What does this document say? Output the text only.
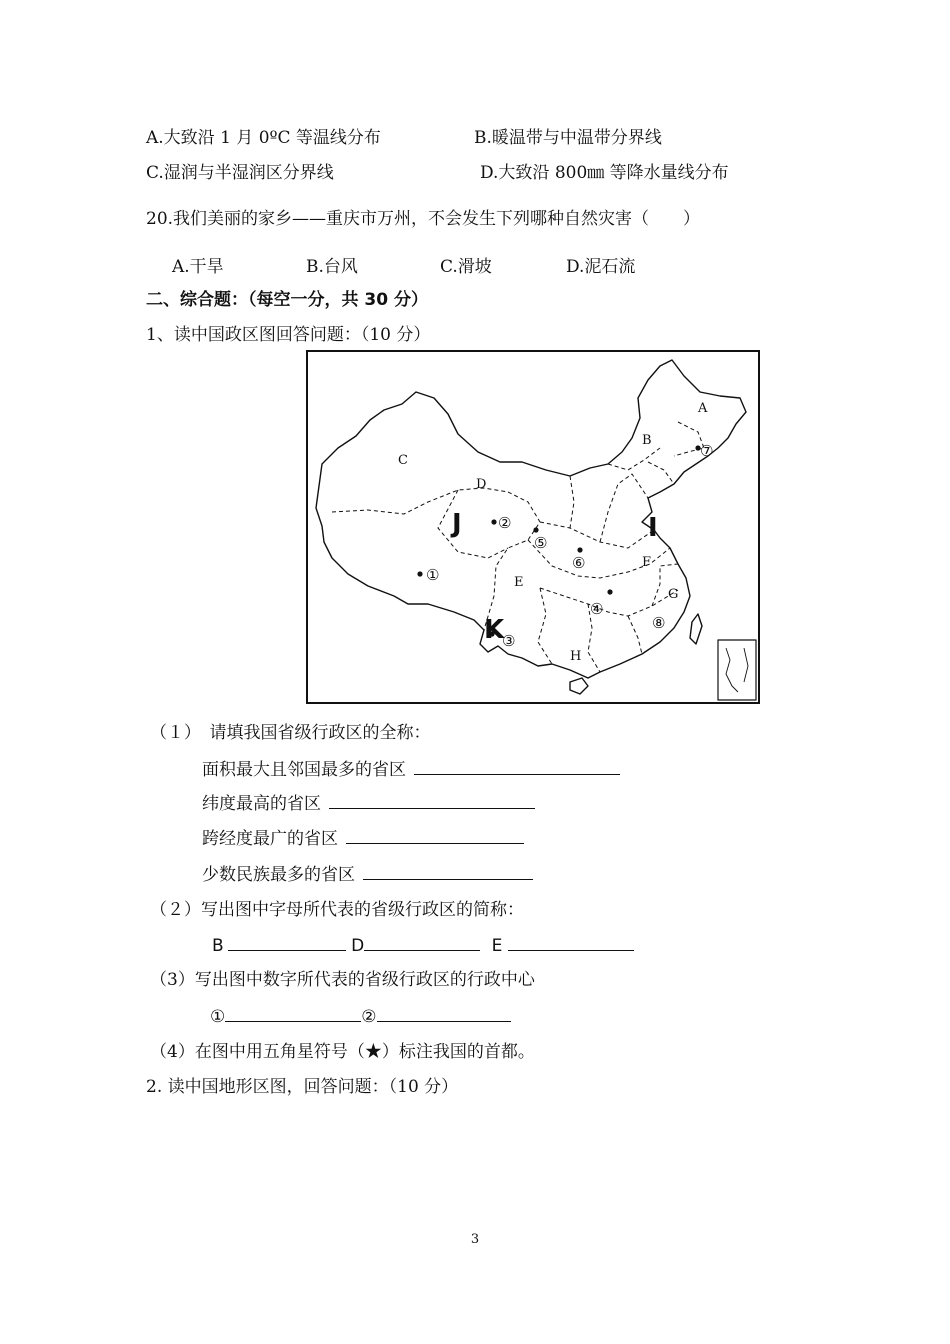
A.大致沿 1 月 0ºC 等温线分布	B.暖温带与中温带分界线
C.湿润与半湿润区分界线	D.大致沿 800㎜ 等降水量线分布
20.我们美丽的家乡——重庆市万州，不会发生下列哪种自然灾害（　　）
A.干旱	B.台风	C.滑坡	D.泥石流
二、综合题：（每空一分，共 30 分）
1、读中国政区图回答问题：（10 分）
A
B
C
D
E
F
G
H
J	I
K
①
②
③
④
⑤
⑥
⑦
⑧
（１）　请填我国省级行政区的全称：
面积最大且邻国最多的省区
纬度最高的省区
跨经度最广的省区
少数民族最多的省区
（２）写出图中字母所代表的省级行政区的简称：
B	D	E
（3）写出图中数字所代表的省级行政区的行政中心
①	②
（4）在图中用五角星符号（★）标注我国的首都。
2. 读中国地形区图，回答问题：（10 分）
3
